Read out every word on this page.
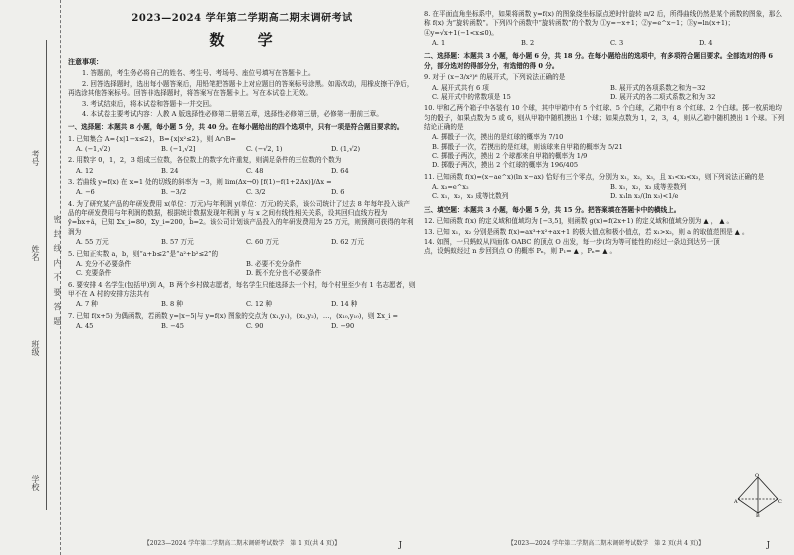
考号
姓名
班级
学校
密 封 线 内 不 要 答 题
2023—2024 学年第二学期高二期末调研考试
数 学
注意事项：

1. 答题前，考生务必将自己的姓名、考生号、考场号、座位号填写在答题卡上。

2. 回答选择题时，选出每小题答案后，用铅笔把答题卡上对应题目的答案标号涂黑。如需改动，用橡皮擦干净后，再选涂其他答案标号。回答非选择题时，将答案写在答题卡上。写在本试卷上无效。

3. 考试结束后，将本试卷和答题卡一并交回。

4. 本试卷主要考试内容：人教 A 版选择性必修第二册第五章，选择性必修第三册，必修第一册前三章。

一、选择题：本题共 8 小题，每小题 5 分，共 40 分。在每小题给出的四个选项中，只有一项是符合题目要求的。
1. 已知集合 A={x|1−x≤2}，B={x|x²≤2}，则 A∩B=
A. (−1,√2)	B. (−1,√2]	C. (−√2, 1)	D. (1,√2)
2. 用数字 0，1，2，3 组成三位数，各位数上的数字允许重复，则满足条件的三位数的个数为
A. 12	B. 24	C. 48	D. 64
3. 若曲线 y=f(x) 在 x=1 处的切线的斜率为 −3，则 lim(Δx→0) [f(1)−f(1+2Δx)]/Δx =
A. −6	B. −3/2	C. 3/2	D. 6
4. 为了研究某产品的年研发费用 x(单位：万元)与年利润 y(单位：万元)的关系，该公司统计了过去 8 年每年投入该产品的年研发费用与年利润的数据，根据统计数据发现年利润 y 与 x 之间有线性相关关系，设其回归直线方程为 ŷ=b̂x+â，已知 Σx_i=80，Σy_i=200，b̂=2。该公司计划该产品投入的年研发费用为 25 万元，则预测可获得的年利润为
A. 55 万元	B. 57 万元	C. 60 万元	D. 62 万元
5. 已知正实数 a，b，则“a+b≤2”是“a²+b²≤2”的
A. 充分不必要条件	B. 必要不充分条件
C. 充要条件	D. 既不充分也不必要条件
6. 要安排 4 名学生(包括甲)到 A，B 两个乡村做志愿者，每名学生只能选择去一个村，每个村里至少有 1 名志愿者，则甲不在 A 村的安排方法共有
A. 7 种	B. 8 种	C. 12 种	D. 14 种
7. 已知 f(x+5) 为偶函数，若函数 y=|x−5|与 y=f(x) 图象的交点为 (x₁,y₁)，(x₂,y₂)，…，(x₁₀,y₁₀)，则 Σx_i =
A. 45	B. −45	C. 90	D. −90
【2023—2024 学年第二学期高二期末调研考试数学　第 1 页(共 4 页)】	J
8. 在平面直角坐标系中，如果将函数 y=f(x) 的图象绕坐标原点逆时针旋转 π/2 后，所得曲线仍然是某个函数的图象，那么称 f(x) 为“旋转函数”。下列四个函数中“旋转函数”的个数为 ①y=−x+1；②y=e^x−1；③y=ln(x+1)；④y=√x+1(−1<x≤0)。
A. 1	B. 2	C. 3	D. 4
二、选择题：本题共 3 小题，每小题 6 分，共 18 分。在每小题给出的选项中，有多项符合题目要求。全部选对的得 6 分，部分选对的得部分分，有选错的得 0 分。
9. 对于 (x−3/x²)⁶ 的展开式，下列说法正确的是
A. 展开式共有 6 项	B. 展开式的各项系数之和为−32
C. 展开式中的常数项是 15	D. 展开式的各二项式系数之和为 32
10. 甲和乙两个箱子中各装有 10 个球，其中甲箱中有 5 个红球、5 个白球，乙箱中有 8 个红球、2 个白球。掷一枚质地均匀的骰子，如果点数为 5 或 6，则从甲箱中随机摸出 1 个球；如果点数为 1，2，3，4，则从乙箱中随机摸出 1 个球。下列结论正确的是
A. 掷骰子一次，摸出的是红球的概率为 7/10
B. 掷骰子一次，若摸出的是红球，则该球来自甲箱的概率为 5/21
C. 掷骰子两次，摸出 2 个球都来自甲箱的概率为 1/9
D. 掷骰子两次，摸出 2 个红球的概率为 196/405
11. 已知函数 f(x)=(x−ae^x)(ln x−ax) 恰好有三个零点，分别为 x₁，x₂，x₃，且 x₁<x₂<x₃，则下列说法正确的是
A. x₃=e^x₂	B. x₁，x₂，x₃ 成等差数列
C. x₁，x₂，x₃ 成等比数列	D. x₁ln x₂/(ln x₃)<1/e
三、填空题：本题共 3 小题，每小题 5 分，共 15 分。把答案填在答题卡中的横线上。
12. 已知函数 f(x) 的定义域和值域均为 [−3,5]，则函数 g(x)=f(2x+1) 的定义域和值域分别为 ▲ ， ▲ 。
13. 已知 x₁，x₂ 分别是函数 f(x)=ax³+x²+ax+1 的极大值点和极小值点，若 x₁>x₂，则 a 的取值范围是 ▲ 。
14. 如图，一只蚂蚁从四面体 OABC 的顶点 O 出发，每一步(均为等可能性的)经过一条边到达另一顶点，设蚂蚁经过 n 步回到点 O 的概率 Pₙ，则 P₁= ▲ ，Pₙ= ▲ 。
O
A	C
B
【2023—2024 学年第二学期高二期末调研考试数学　第 2 页(共 4 页)】	J
